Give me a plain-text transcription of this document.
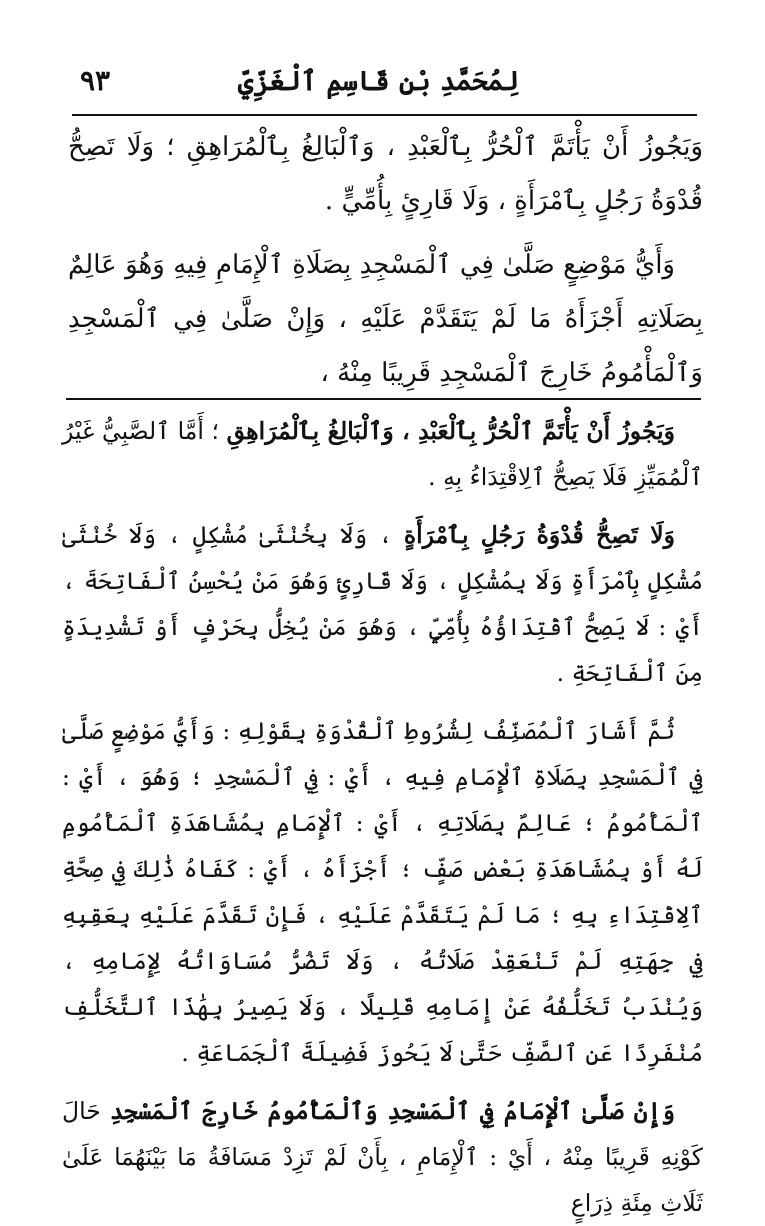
لِمُحَمَّدِ بْنِ قَاسِمِ ٱلْغَزِّيِّ
٩٣

وَيَجُوزُ أَنْ يَأْتَمَّ ٱلْحُرُّ بِٱلْعَبْدِ ، وَٱلْبَالِغُ بِٱلْمُرَاهِقِ ؛ وَلَا تَصِحُّ قُدْوَةُ رَجُلٍ بِٱمْرَأَةٍ ، وَلَا قَارِئٍ بِأُمِّيٍّ .

وَأَيُّ مَوْضِعٍ صَلَّىٰ فِي ٱلْمَسْجِدِ بِصَلَاةِ ٱلْإِمَامِ فِيهِ وَهُوَ عَالِمٌ بِصَلَاتِهِ أَجْزَأَهُ مَا لَمْ يَتَقَدَّمْ عَلَيْهِ ، وَإِنْ صَلَّىٰ فِي ٱلْمَسْجِدِ وَٱلْمَأْمُومُ خَارِجَ ٱلْمَسْجِدِ قَرِيبًا مِنْهُ ،

وَيَجُوزُ أَنْ يَأْتَمَّ ٱلْحُرُّ بِٱلْعَبْدِ ، وَٱلْبَالِغُ بِٱلْمُرَاهِقِ ؛ أَمَّا ٱلصَّبِيُّ غَيْرُ ٱلْمُمَيِّزِ فَلَا يَصِحُّ ٱلِاقْتِدَاءُ بِهِ .

وَلَا تَصِحُّ قُدْوَةُ رَجُلٍ بِٱمْرَأَةٍ ، وَلَا بِخُنْثَىٰ مُشْكِلٍ ، وَلَا خُنْثَىٰ مُشْكِلٍ بِٱمْرَأَةٍ وَلَا بِمُشْكِلٍ ، وَلَا قَارِئٍ وَهُوَ مَنْ يُحْسِنُ ٱلْفَاتِحَةَ ، أَيْ : لَا يَصِحُّ ٱقْتِدَاؤُهُ بِأُمِّيٍّ ، وَهُوَ مَنْ يُخِلُّ بِحَرْفٍ أَوْ تَشْدِيدَةٍ مِنَ ٱلْفَاتِحَةِ .

ثُمَّ أَشَارَ ٱلْمُصَنِّفُ لِشُرُوطِ ٱلْقُدْوَةِ بِقَوْلِهِ : وَأَيُّ مَوْضِعٍ صَلَّىٰ فِي ٱلْمَسْجِدِ بِصَلَاةِ ٱلْإِمَامِ فِيهِ ، أَيْ : فِي ٱلْمَسْجِدِ ؛ وَهُوَ ، أَيْ : ٱلْمَأْمُومُ ؛ عَالِمٌ بِصَلَاتِهِ ، أَيْ : ٱلْإِمَامِ بِمُشَاهَدَةِ ٱلْمَأْمُومِ لَهُ أَوْ بِمُشَاهَدَةِ بَعْضِ صَفٍّ ؛ أَجْزَأَهُ ، أَيْ : كَفَاهُ ذَٰلِكَ فِي صِحَّةِ ٱلِاقْتِدَاءِ بِهِ ؛ مَا لَمْ يَتَقَدَّمْ عَلَيْهِ ، فَإِنْ تَقَدَّمَ عَلَيْهِ بِعَقِبِهِ فِي جِهَتِهِ لَمْ تَنْعَقِدْ صَلَاتُهُ ، وَلَا تَضُرُّ مُسَاوَاتُهُ لِإِمَامِهِ ، وَيُنْدَبُ تَخَلُّفُهُ عَنْ إِمَامِهِ قَلِيلًا ، وَلَا يَصِيرُ بِهَٰذَا ٱلتَّخَلُّفِ مُنْفَرِدًا عَنِ ٱلصَّفِّ حَتَّىٰ لَا يَحُوزَ فَضِيلَةَ ٱلْجَمَاعَةِ .

وَإِنْ صَلَّىٰ ٱلْإِمَامُ فِي ٱلْمَسْجِدِ وَٱلْمَأْمُومُ خَارِجَ ٱلْمَسْجِدِ حَالَ كَوْنِهِ قَرِيبًا مِنْهُ ، أَيْ : ٱلْإِمَامِ ، بِأَنْ لَمْ تَزِدْ مَسَافَةُ مَا بَيْنَهُمَا عَلَىٰ ثَلَاثِ مِئَةِ ذِرَاعٍ
